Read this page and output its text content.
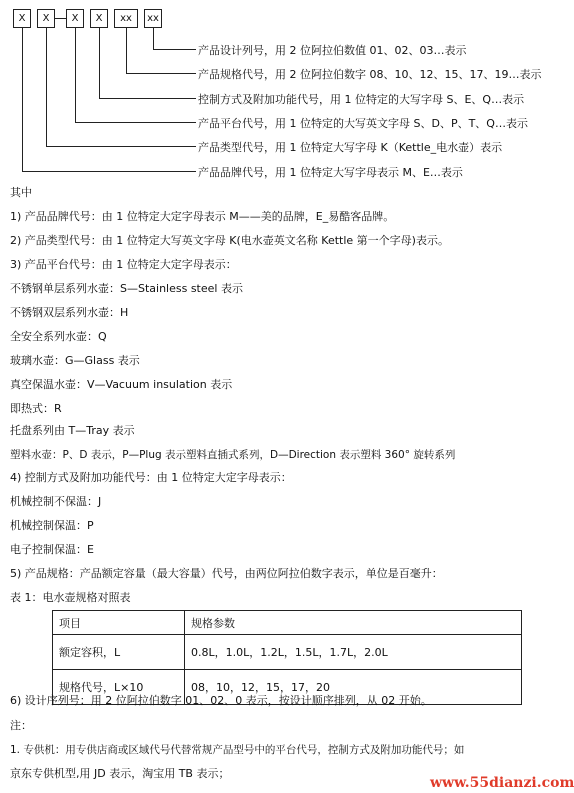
X	X	X	X	xx	xx
产品设计列号，用 2 位阿拉伯数值 01、02、03…表示
产品规格代号，用 2 位阿拉伯数字 08、10、12、15、17、19…表示
控制方式及附加功能代号，用 1 位特定的大写字母 S、E、Q…表示
产品平台代号，用 1 位特定的大写英文字母 S、D、P、T、Q…表示
产品类型代号，用 1 位特定大写字母 K（Kettle_电水壶）表示
产品品牌代号，用 1 位特定大写字母表示 M、E…表示
其中
1) 产品品牌代号：由 1 位特定大定字母表示 M——美的品牌，E_易酷客品牌。
2) 产品类型代号：由 1 位特定大写英文字母 K(电水壶英文名称 Kettle 第一个字母)表示。
3) 产品平台代号：由 1 位特定大定字母表示：
不锈钢单层系列水壶：S—Stainless steel 表示
不锈钢双层系列水壶：H
全安全系列水壶：Q
玻璃水壶：G—Glass 表示
真空保温水壶：V—Vacuum insulation 表示
即热式：R
托盘系列由 T—Tray 表示
塑料水壶：P、D 表示，P—Plug 表示塑料直插式系列，D—Direction 表示塑料 360° 旋转系列
4) 控制方式及附加功能代号：由 1 位特定大定字母表示：
机械控制不保温：J
机械控制保温：P
电子控制保温：E
5) 产品规格：产品额定容量（最大容量）代号，由两位阿拉伯数字表示，单位是百毫升：
表 1：电水壶规格对照表
项目	规格参数
额定容积，L	0.8L，1.0L，1.2L，1.5L，1.7L，2.0L
规格代号，L×10	08，10，12，15，17，20
6) 设计序列号：用 2 位阿拉伯数字 01、02、0 表示，按设计顺序排列，从 02 开始。
注：
1. 专供机：用专供店商或区域代号代替常规产品型号中的平台代号，控制方式及附加功能代号；如
京东专供机型,用 JD 表示，淘宝用 TB 表示；
www.55dianzi.com
